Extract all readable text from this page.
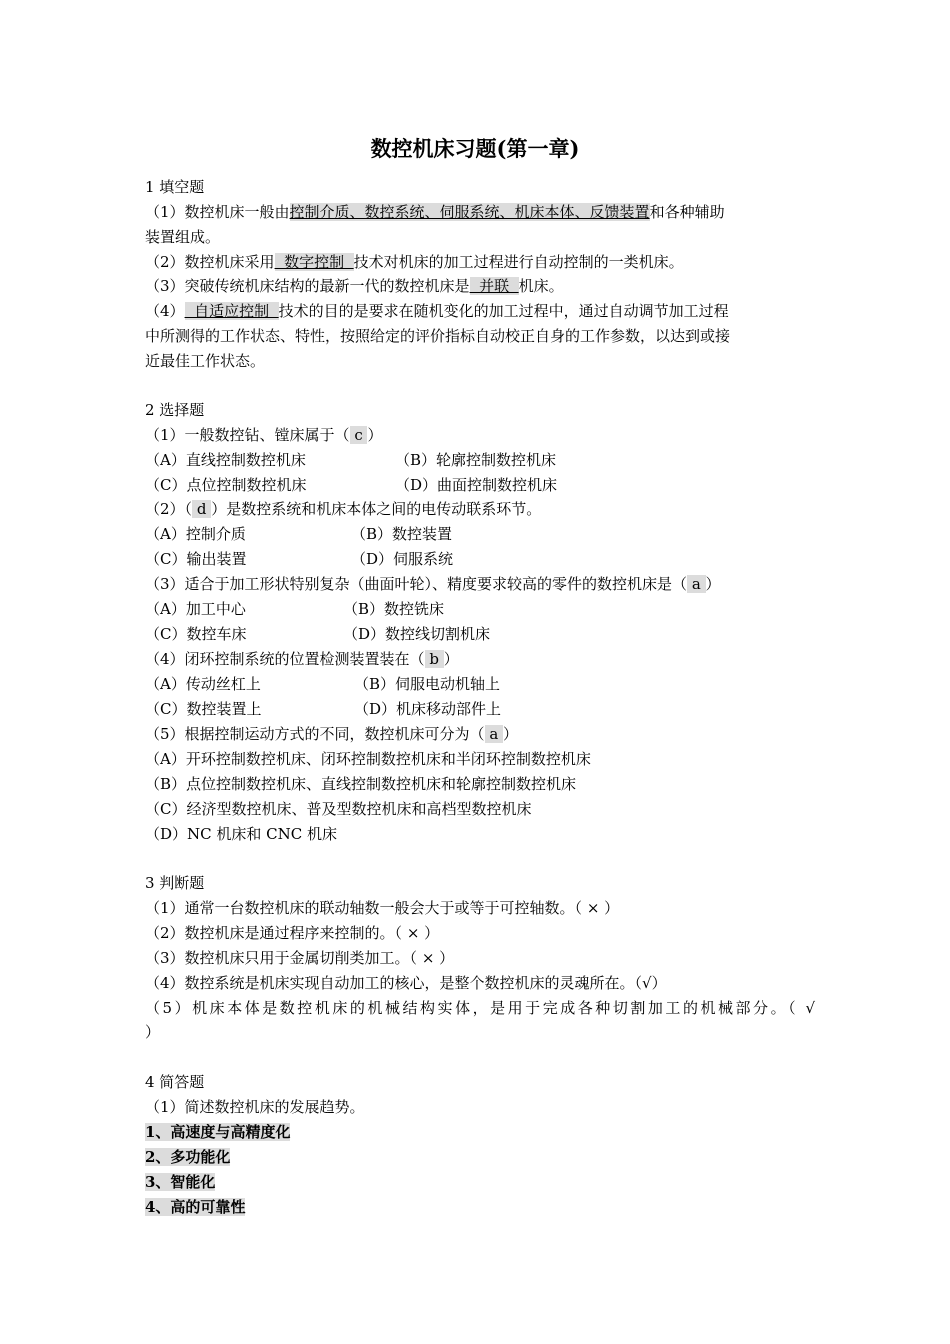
数控机床习题(第一章)
1 填空题
（1）数控机床一般由控制介质、数控系统、伺服系统、机床本体、反馈装置和各种辅助
装置组成。
（2）数控机床采用  数字控制  技术对机床的加工过程进行自动控制的一类机床。
（3）突破传统机床结构的最新一代的数控机床是  并联  机床。
（4）  自适应控制  技术的目的是要求在随机变化的加工过程中，通过自动调节加工过程
中所测得的工作状态、特性，按照给定的评价指标自动校正自身的工作参数，以达到或接
近最佳工作状态。
2 选择题
（1）一般数控钻、镗床属于（ c ）
（A）直线控制数控机床	（B）轮廓控制数控机床
（C）点位控制数控机床	（D）曲面控制数控机床
（2）（ d ）是数控系统和机床本体之间的电传动联系环节。
（A）控制介质	（B）数控装置
（C）输出装置	（D）伺服系统
（3）适合于加工形状特别复杂（曲面叶轮）、精度要求较高的零件的数控机床是（ a ）
（A）加工中心	（B）数控铣床
（C）数控车床	（D）数控线切割机床
（4）闭环控制系统的位置检测装置装在（ b ）
（A）传动丝杠上	（B）伺服电动机轴上
（C）数控装置上	（D）机床移动部件上
（5）根据控制运动方式的不同，数控机床可分为（ a ）
（A）开环控制数控机床、闭环控制数控机床和半闭环控制数控机床
（B）点位控制数控机床、直线控制数控机床和轮廓控制数控机床
（C）经济型数控机床、普及型数控机床和高档型数控机床
（D）NC 机床和 CNC 机床
3 判断题
（1）通常一台数控机床的联动轴数一般会大于或等于可控轴数。（ × ）
（2）数控机床是通过程序来控制的。（ × ）
（3）数控机床只用于金属切削类加工。（ × ）
（4）数控系统是机床实现自动加工的核心，是整个数控机床的灵魂所在。（√）
（5）机床本体是数控机床的机械结构实体，是用于完成各种切割加工的机械部分。（ √
）
4 简答题
（1）简述数控机床的发展趋势。
1、高速度与高精度化
2、多功能化
3、智能化
4、高的可靠性
